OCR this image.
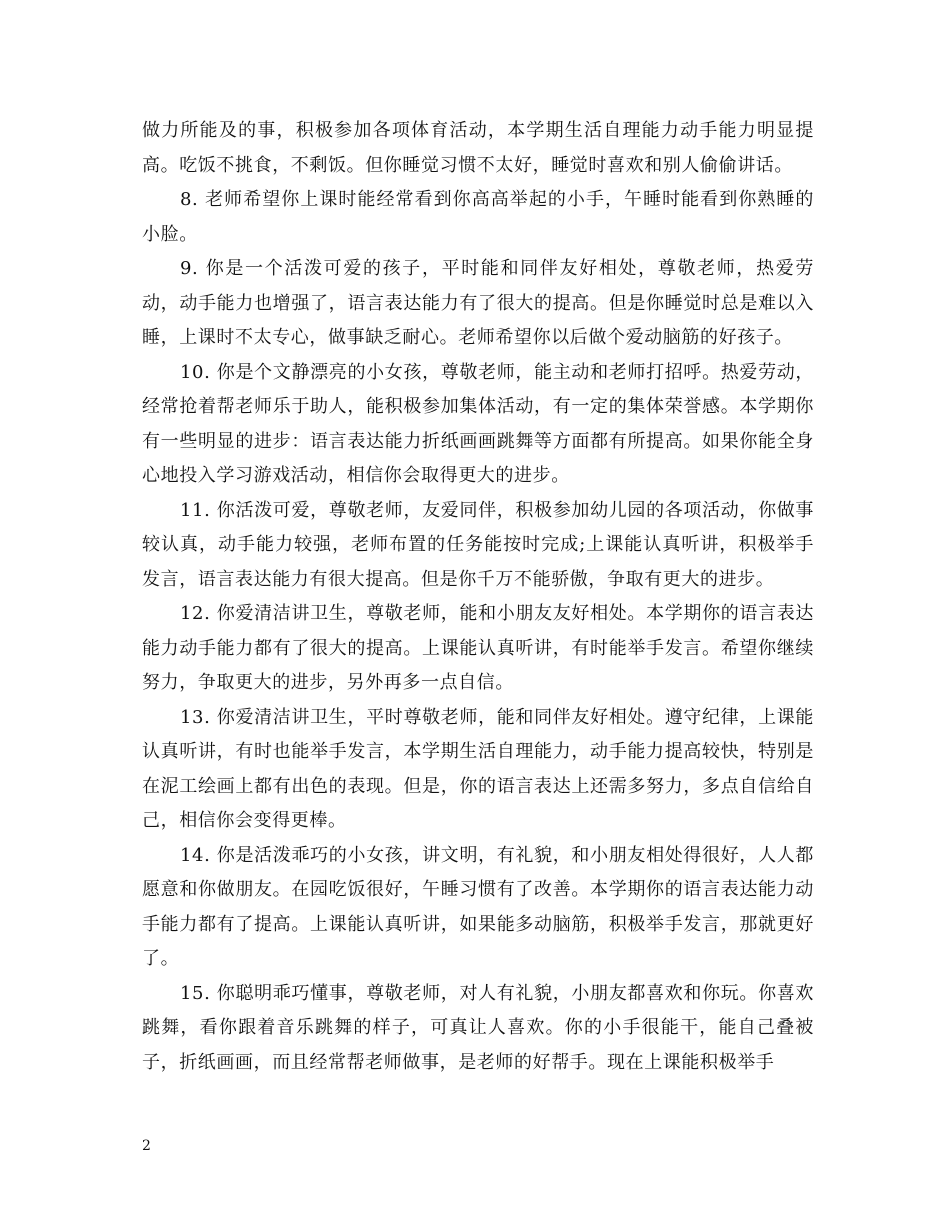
做力所能及的事，积极参加各项体育活动，本学期生活自理能力动手能力明显提高。吃饭不挑食，不剩饭。但你睡觉习惯不太好，睡觉时喜欢和别人偷偷讲话。

8. 老师希望你上课时能经常看到你高高举起的小手，午睡时能看到你熟睡的小脸。

9. 你是一个活泼可爱的孩子，平时能和同伴友好相处，尊敬老师，热爱劳动，动手能力也增强了，语言表达能力有了很大的提高。但是你睡觉时总是难以入睡，上课时不太专心，做事缺乏耐心。老师希望你以后做个爱动脑筋的好孩子。

10. 你是个文静漂亮的小女孩，尊敬老师，能主动和老师打招呼。热爱劳动，经常抢着帮老师乐于助人，能积极参加集体活动，有一定的集体荣誉感。本学期你有一些明显的进步：语言表达能力折纸画画跳舞等方面都有所提高。如果你能全身心地投入学习游戏活动，相信你会取得更大的进步。

11. 你活泼可爱，尊敬老师，友爱同伴，积极参加幼儿园的各项活动，你做事较认真，动手能力较强，老师布置的任务能按时完成;上课能认真听讲，积极举手发言，语言表达能力有很大提高。但是你千万不能骄傲，争取有更大的进步。

12. 你爱清洁讲卫生，尊敬老师，能和小朋友友好相处。本学期你的语言表达能力动手能力都有了很大的提高。上课能认真听讲，有时能举手发言。希望你继续努力，争取更大的进步，另外再多一点自信。

13. 你爱清洁讲卫生，平时尊敬老师，能和同伴友好相处。遵守纪律，上课能认真听讲，有时也能举手发言，本学期生活自理能力，动手能力提高较快，特别是在泥工绘画上都有出色的表现。但是，你的语言表达上还需多努力，多点自信给自己，相信你会变得更棒。

14. 你是活泼乖巧的小女孩，讲文明，有礼貌，和小朋友相处得很好，人人都愿意和你做朋友。在园吃饭很好，午睡习惯有了改善。本学期你的语言表达能力动手能力都有了提高。上课能认真听讲，如果能多动脑筋，积极举手发言，那就更好了。

15. 你聪明乖巧懂事，尊敬老师，对人有礼貌，小朋友都喜欢和你玩。你喜欢跳舞，看你跟着音乐跳舞的样子，可真让人喜欢。你的小手很能干，能自己叠被子，折纸画画，而且经常帮老师做事，是老师的好帮手。现在上课能积极举手

2
